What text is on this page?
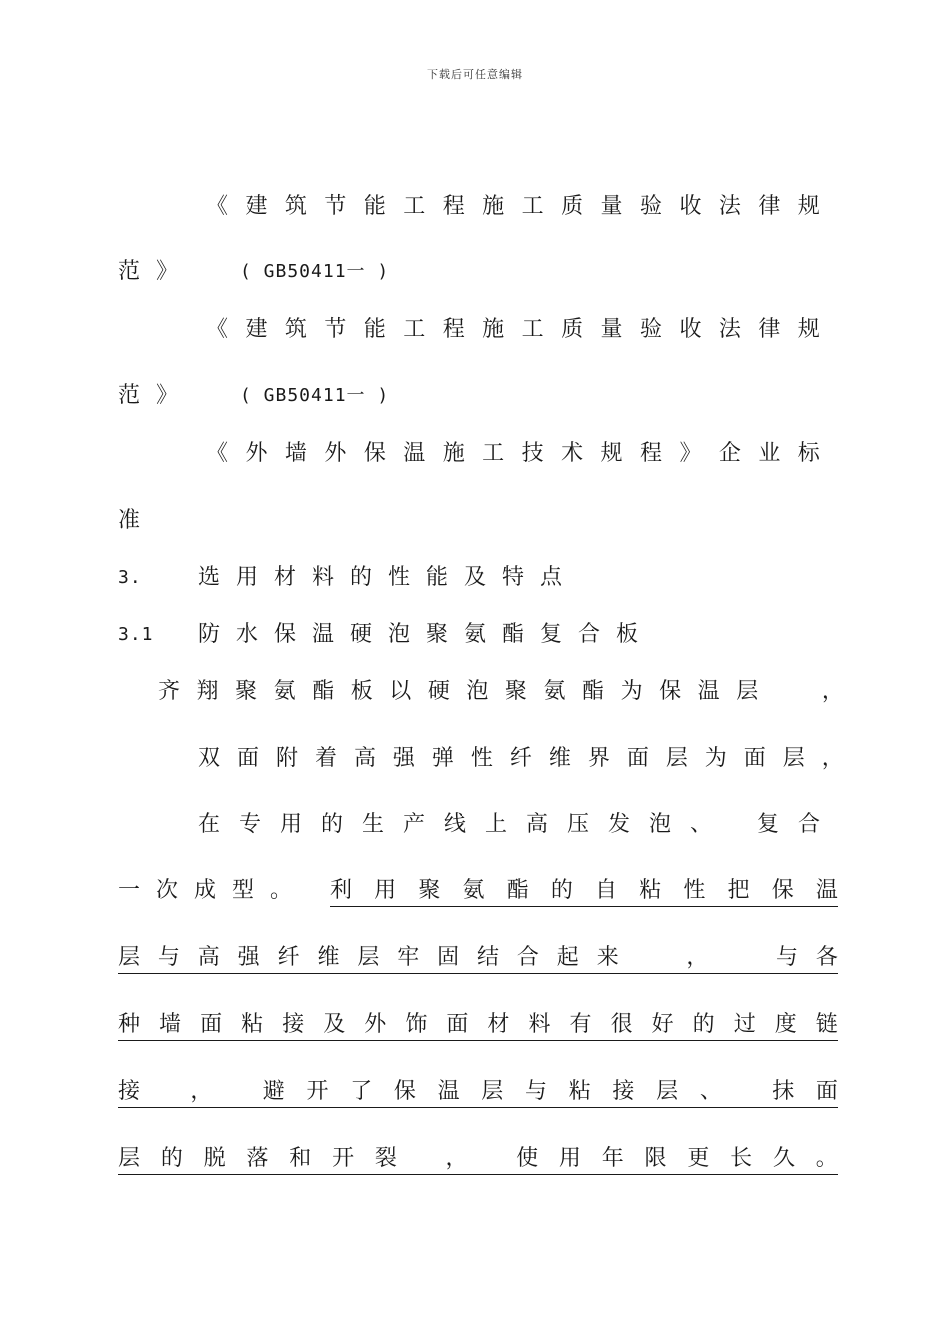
下载后可任意编辑
《 建 筑 节 能 工 程 施 工 质 量 验 收 法 律 规
范》	( GB50411一 )
《 建 筑 节 能 工 程 施 工 质 量 验 收 法 律 规
范》	( GB50411一 )
《 外 墙 外 保 温 施 工 技 术 规 程 》 企 业 标
准
3.	选用材料的性能及特点
3.1 防水保温硬泡聚氨酯复合板
齐 翔 聚 氨 酯 板 以 硬 泡 聚 氨 酯 为 保 温 层

	，
双 面 附 着 高 强 弹 性 纤 维 界 面 层 为 面 层 ，
在 专 用 的 生 产 线 上 高 压 发 泡 、
复 合
一次成型。 利 用 聚 氨 酯 的 自 粘 性 把 保 温
层 与 高 强 纤 维 层 牢 固 结 合 起 来

	，

	与 各
种 墙 面 粘 接 及 外 饰 面 材 料 有 很 好 的 过 度 链
接
，
避 开 了 保 温 层 与 粘 接 层 、
抹 面
层 的 脱 落 和 开 裂
，
使 用 年 限 更 长 久 。
